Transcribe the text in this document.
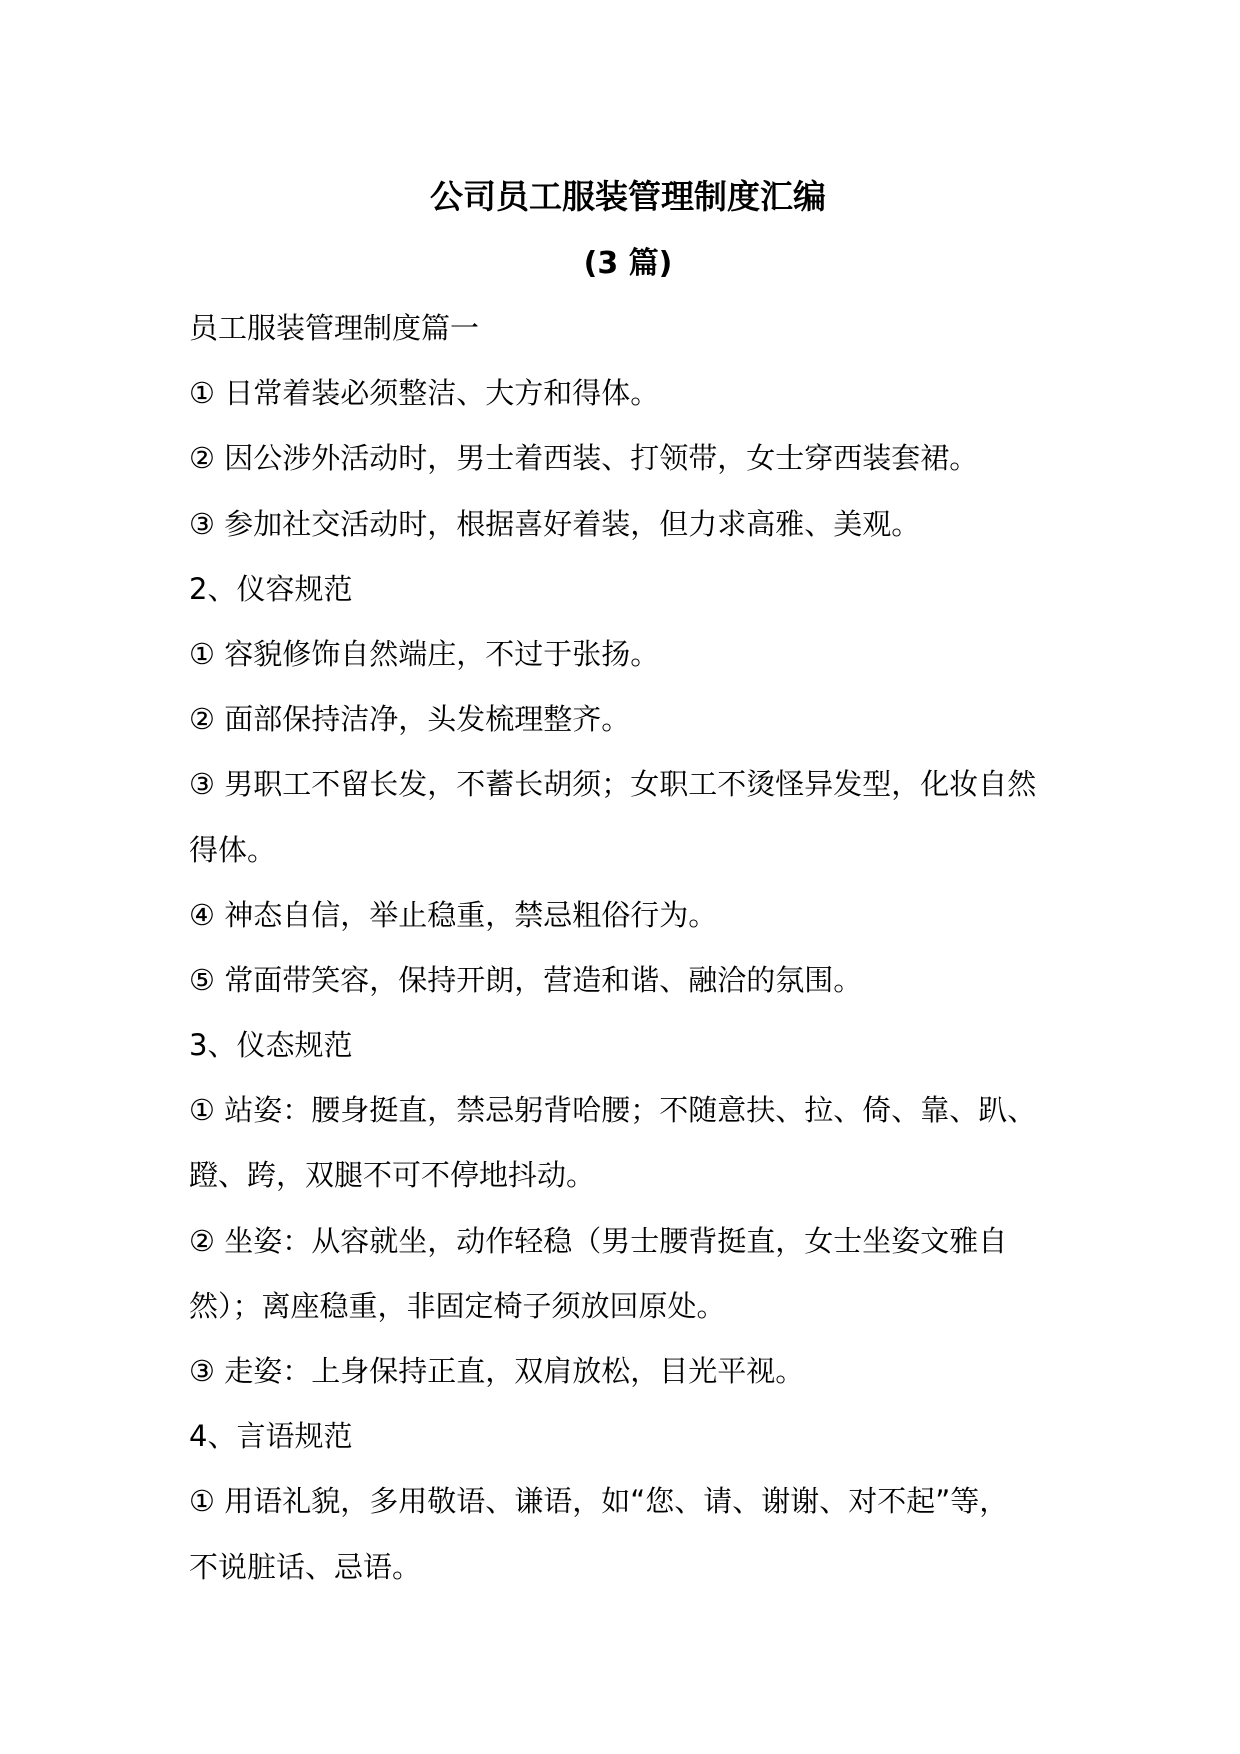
公司员工服装管理制度汇编
(3 篇)
员工服装管理制度篇一
① 日常着装必须整洁、大方和得体。
② 因公涉外活动时，男士着西装、打领带，女士穿西装套裙。
③ 参加社交活动时，根据喜好着装，但力求高雅、美观。
2、仪容规范
① 容貌修饰自然端庄，不过于张扬。
② 面部保持洁净，头发梳理整齐。
③ 男职工不留长发，不蓄长胡须；女职工不烫怪异发型，化妆自然
得体。
④ 神态自信，举止稳重，禁忌粗俗行为。
⑤ 常面带笑容，保持开朗，营造和谐、融洽的氛围。
3、仪态规范
① 站姿：腰身挺直，禁忌躬背哈腰；不随意扶、拉、倚、靠、趴、
蹬、跨，双腿不可不停地抖动。
② 坐姿：从容就坐，动作轻稳（男士腰背挺直，女士坐姿文雅自
然）；离座稳重，非固定椅子须放回原处。
③ 走姿：上身保持正直，双肩放松，目光平视。
4、言语规范
① 用语礼貌，多用敬语、谦语，如“您、请、谢谢、对不起”等，
不说脏话、忌语。
